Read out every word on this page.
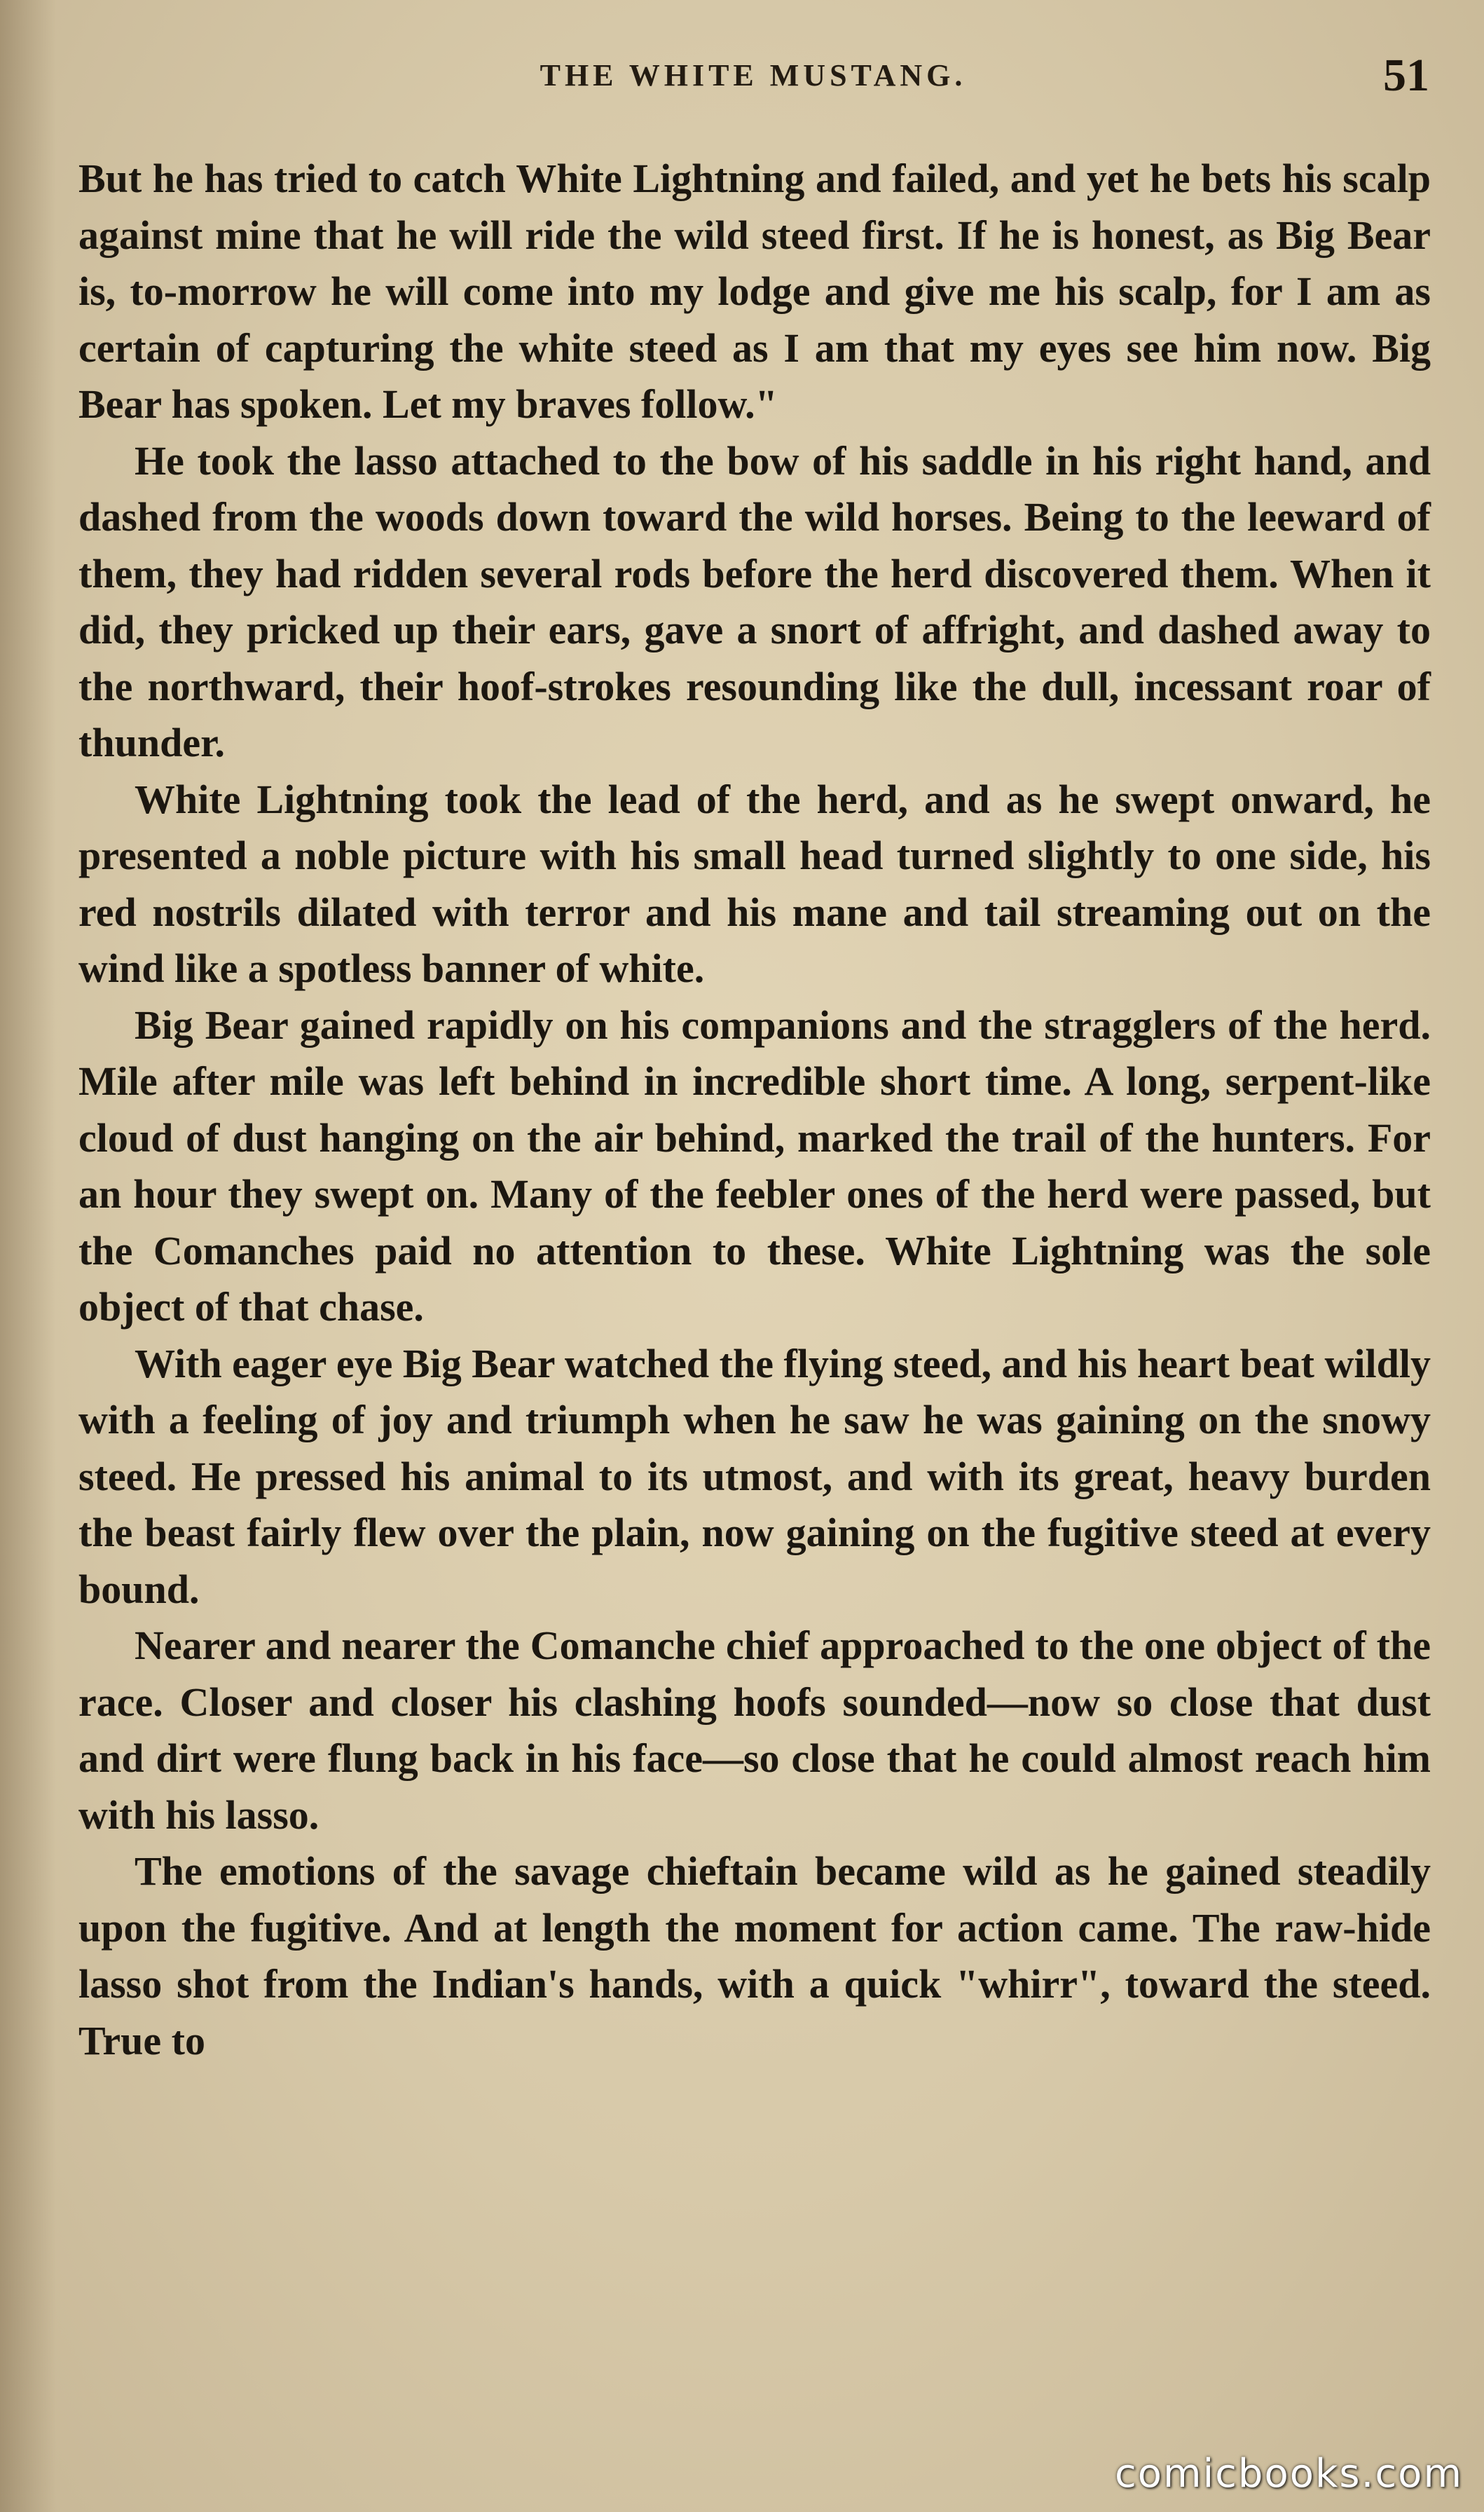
THE WHITE MUSTANG.	51

But he has tried to catch White Lightning and failed, and yet he bets his scalp against mine that he will ride the wild steed first. If he is honest, as Big Bear is, to-morrow he will come into my lodge and give me his scalp, for I am as certain of capturing the white steed as I am that my eyes see him now. Big Bear has spoken. Let my braves follow."

He took the lasso attached to the bow of his saddle in his right hand, and dashed from the woods down toward the wild horses. Being to the leeward of them, they had ridden several rods before the herd discovered them. When it did, they pricked up their ears, gave a snort of affright, and dashed away to the northward, their hoof-strokes resounding like the dull, incessant roar of thunder.

White Lightning took the lead of the herd, and as he swept onward, he presented a noble picture with his small head turned slightly to one side, his red nostrils dilated with terror and his mane and tail streaming out on the wind like a spotless banner of white.

Big Bear gained rapidly on his companions and the stragglers of the herd. Mile after mile was left behind in incredible short time. A long, serpent-like cloud of dust hanging on the air behind, marked the trail of the hunters. For an hour they swept on. Many of the feebler ones of the herd were passed, but the Comanches paid no attention to these. White Lightning was the sole object of that chase.

With eager eye Big Bear watched the flying steed, and his heart beat wildly with a feeling of joy and triumph when he saw he was gaining on the snowy steed. He pressed his animal to its utmost, and with its great, heavy burden the beast fairly flew over the plain, now gaining on the fugitive steed at every bound.

Nearer and nearer the Comanche chief approached to the one object of the race. Closer and closer his clashing hoofs sounded—now so close that dust and dirt were flung back in his face—so close that he could almost reach him with his lasso.

The emotions of the savage chieftain became wild as he gained steadily upon the fugitive. And at length the moment for action came. The raw-hide lasso shot from the Indian's hands, with a quick "whirr", toward the steed. True to

comicbooks.com
